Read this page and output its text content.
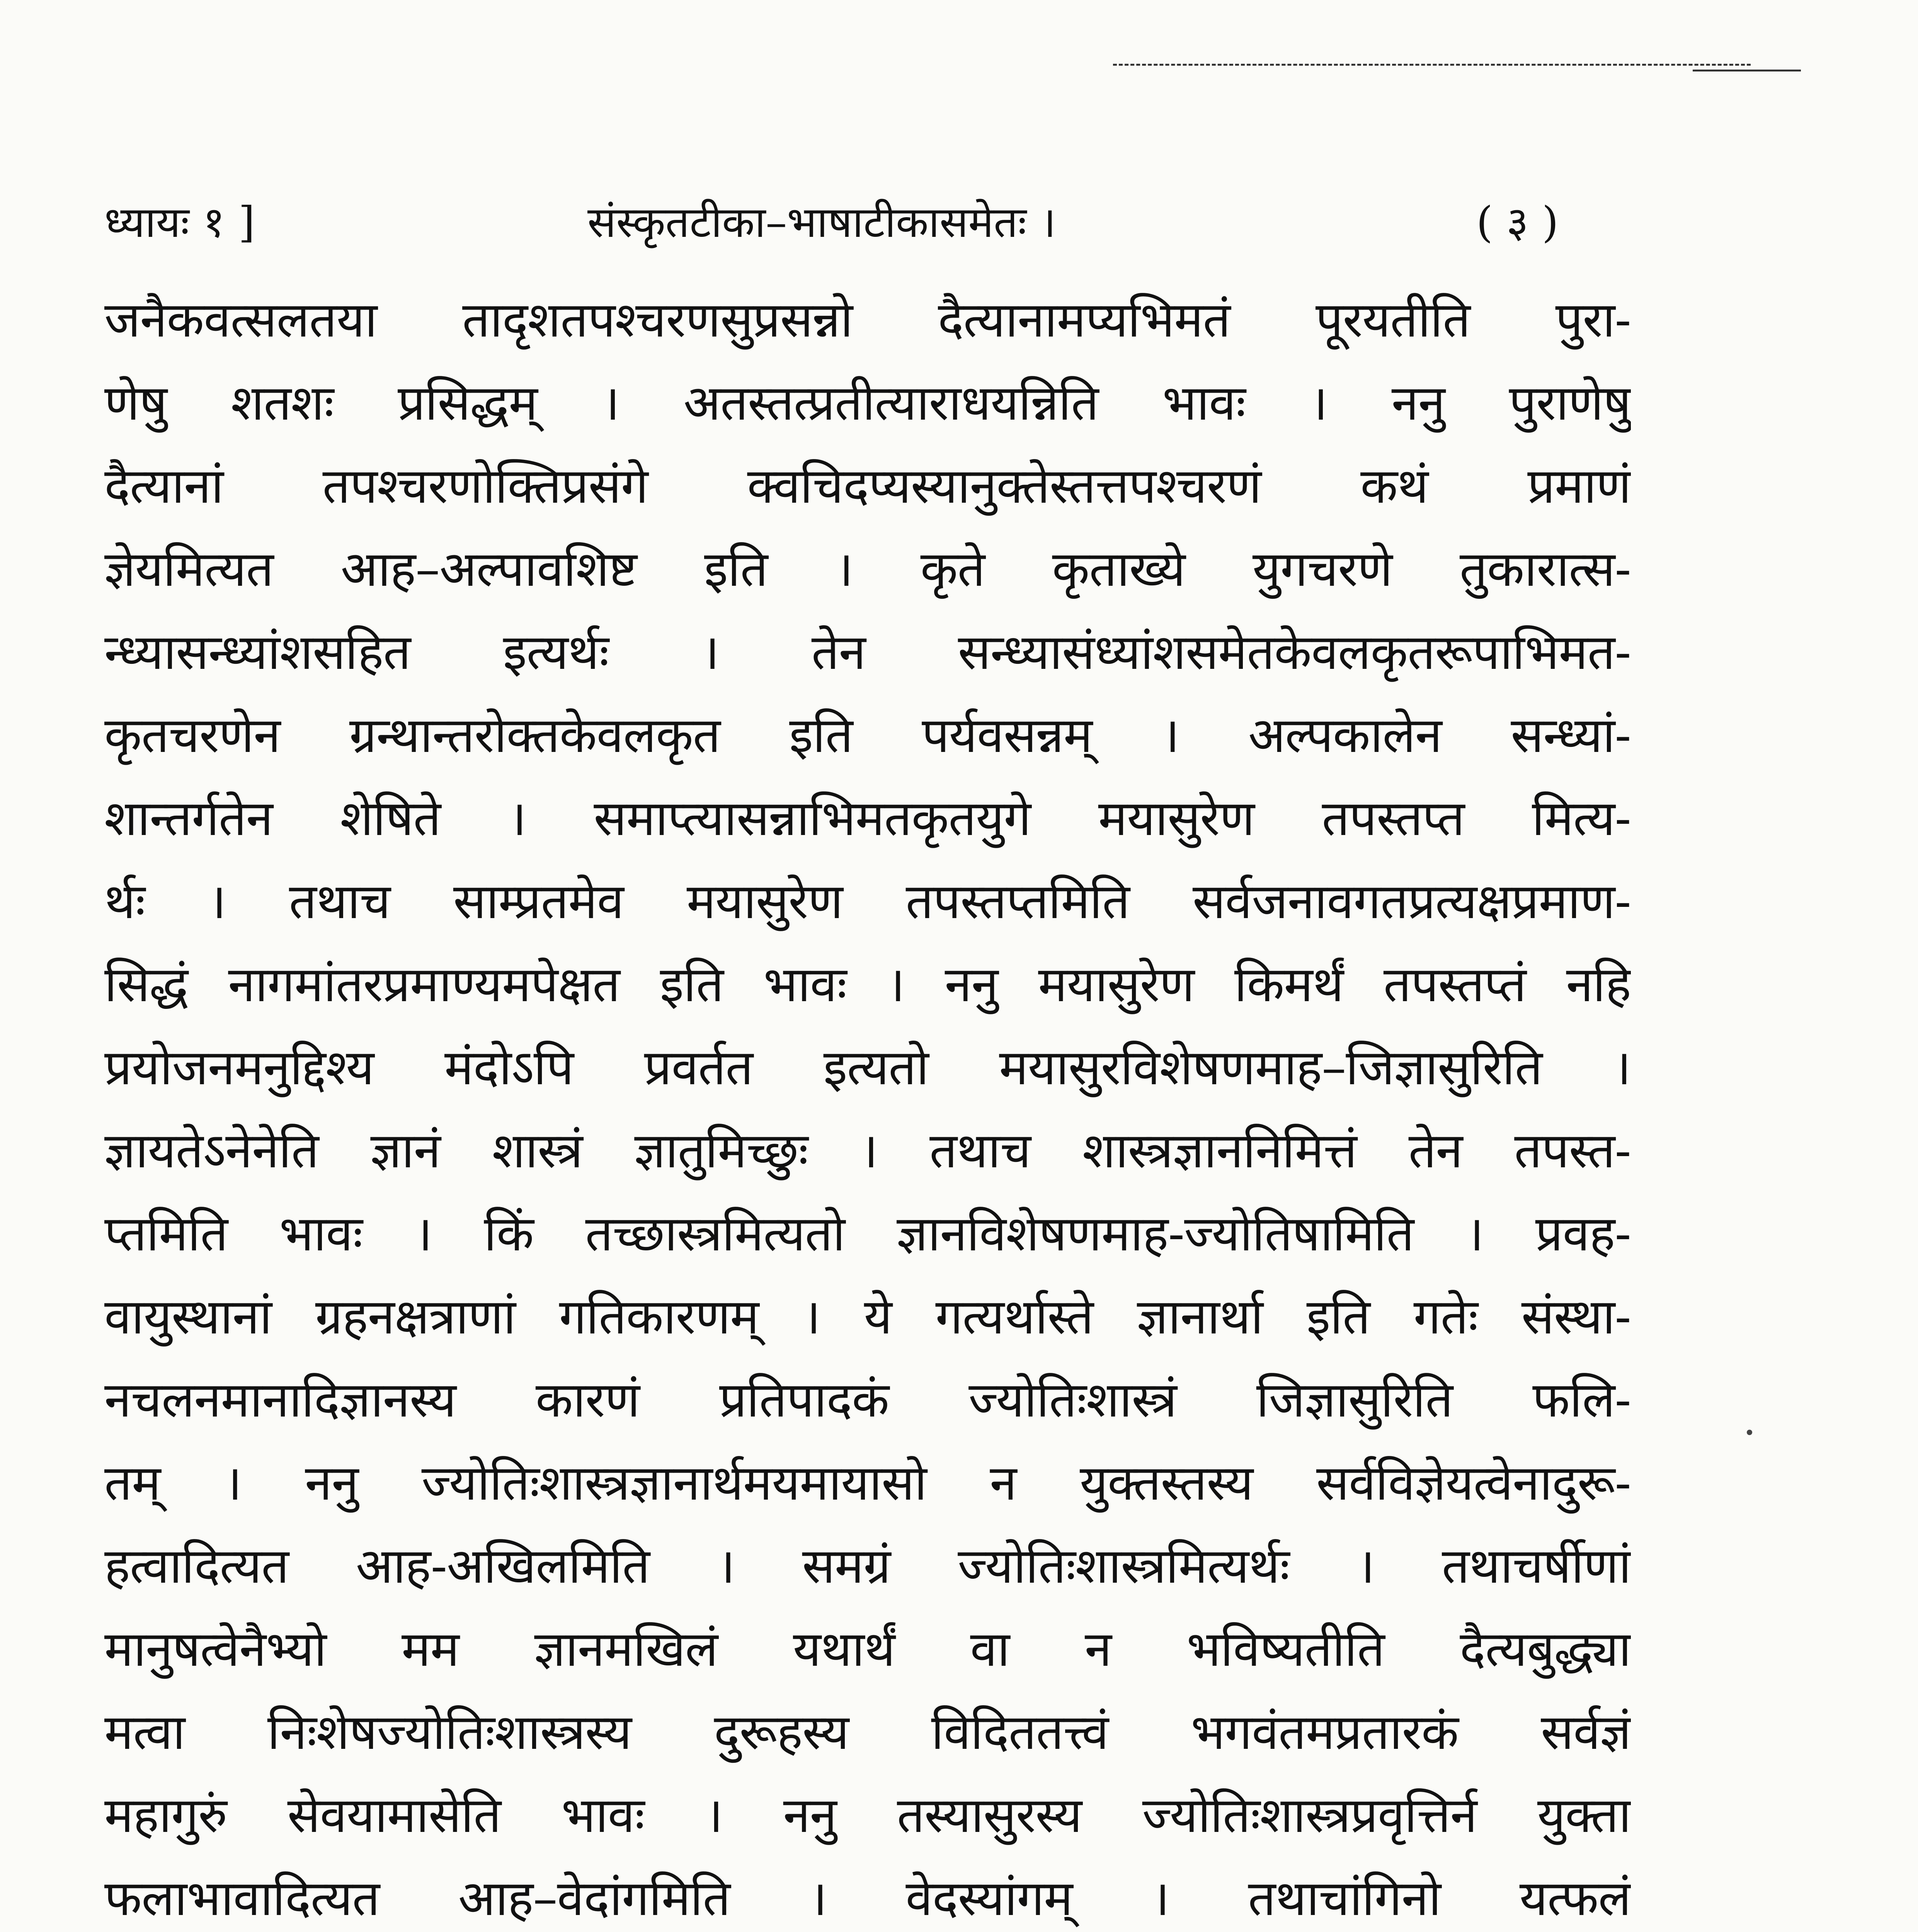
ध्यायः १ ]	संस्कृतटीका–भाषाटीकासमेतः ।	( ३ )
जनैकवत्सलतया तादृशतपश्चरणसुप्रसन्नो दैत्यानामप्यभिमतं पूरयतीति पुरा-
णेषु शतशः प्रसिद्धम् । अतस्तत्प्रतीत्याराधयन्निति भावः । ननु पुराणेषु
दैत्यानां तपश्चरणोक्तिप्रसंगे क्वचिदप्यस्यानुक्तेस्तत्तपश्चरणं कथं प्रमाणं
ज्ञेयमित्यत आह–अल्पावशिष्ट इति । कृते कृताख्ये युगचरणे तुकारात्स-
न्ध्यासन्ध्यांशसहित इत्यर्थः । तेन सन्ध्यासंध्यांशसमेतकेवलकृतरूपाभिमत-
कृतचरणेन ग्रन्थान्तरोक्तकेवलकृत इति पर्यवसन्नम् । अल्पकालेन सन्ध्यां-
शान्तर्गतेन शेषिते । समाप्त्यासन्नाभिमतकृतयुगे मयासुरेण तपस्तप्त मित्य-
र्थः । तथाच साम्प्रतमेव मयासुरेण तपस्तप्तमिति सर्वजनावगतप्रत्यक्षप्रमाण-
सिद्धं नागमांतरप्रमाण्यमपेक्षत इति भावः । ननु मयासुरेण किमर्थं तपस्तप्तं नहि
प्रयोजनमनुद्दिश्य मंदोऽपि प्रवर्तत इत्यतो मयासुरविशेषणमाह–जिज्ञासुरिति ।
ज्ञायतेऽनेनेति ज्ञानं शास्त्रं ज्ञातुमिच्छुः । तथाच शास्त्रज्ञाननिमित्तं तेन तपस्त-
प्तमिति भावः । किं तच्छास्त्रमित्यतो ज्ञानविशेषणमाह-ज्योतिषामिति । प्रवह-
वायुस्थानां ग्रहनक्षत्राणां गतिकारणम् । ये गत्यर्थास्ते ज्ञानार्था इति गतेः संस्था-
नचलनमानादिज्ञानस्य कारणं प्रतिपादकं ज्योतिःशास्त्रं जिज्ञासुरिति फलि-
तम् । ननु ज्योतिःशास्त्रज्ञानार्थमयमायासो न युक्तस्तस्य सर्वविज्ञेयत्वेनादुरू-
हत्वादित्यत आह-अखिलमिति । समग्रं ज्योतिःशास्त्रमित्यर्थः । तथाचर्षीणां
मानुषत्वेनैभ्यो मम ज्ञानमखिलं यथार्थं वा न भविष्यतीति दैत्यबुद्ध्या
मत्वा निःशेषज्योतिःशास्त्रस्य दुरूहस्य विदिततत्त्वं भगवंतमप्रतारकं सर्वज्ञं
महागुरुं सेवयामासेति भावः । ननु तस्यासुरस्य ज्योतिःशास्त्रप्रवृत्तिर्न युक्ता
फलाभावादित्यत आह–वेदांगमिति । वेदस्यांगम् । तथाचांगिनो यत्फलं
